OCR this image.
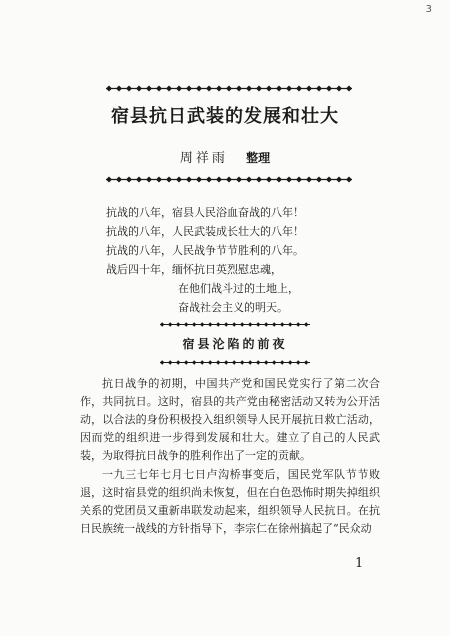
3
宿县抗日武装的发展和壮大
周祥雨 整理
抗战的八年，宿县人民浴血奋战的八年！
抗战的八年，人民武装成长壮大的八年！
抗战的八年，人民战争节节胜利的八年。
战后四十年，缅怀抗日英烈慰忠魂，
在他们战斗过的土地上，
奋战社会主义的明天。
宿县沦陷的前夜

抗日战争的初期，中国共产党和国民党实行了第二次合作，共同抗日。这时，宿县的共产党由秘密活动又转为公开活动，以合法的身份积极投入组织领导人民开展抗日救亡活动，因而党的组织进一步得到发展和壮大。建立了自己的人民武装，为取得抗日战争的胜利作出了一定的贡献。

一九三七年七月七日卢沟桥事变后，国民党军队节节败退，这时宿县党的组织尚未恢复，但在白色恐怖时期失掉组织关系的党团员又重新串联发动起来，组织领导人民抗日。在抗日民族统一战线的方针指导下，李宗仁在徐州搞起了“民众动

1
